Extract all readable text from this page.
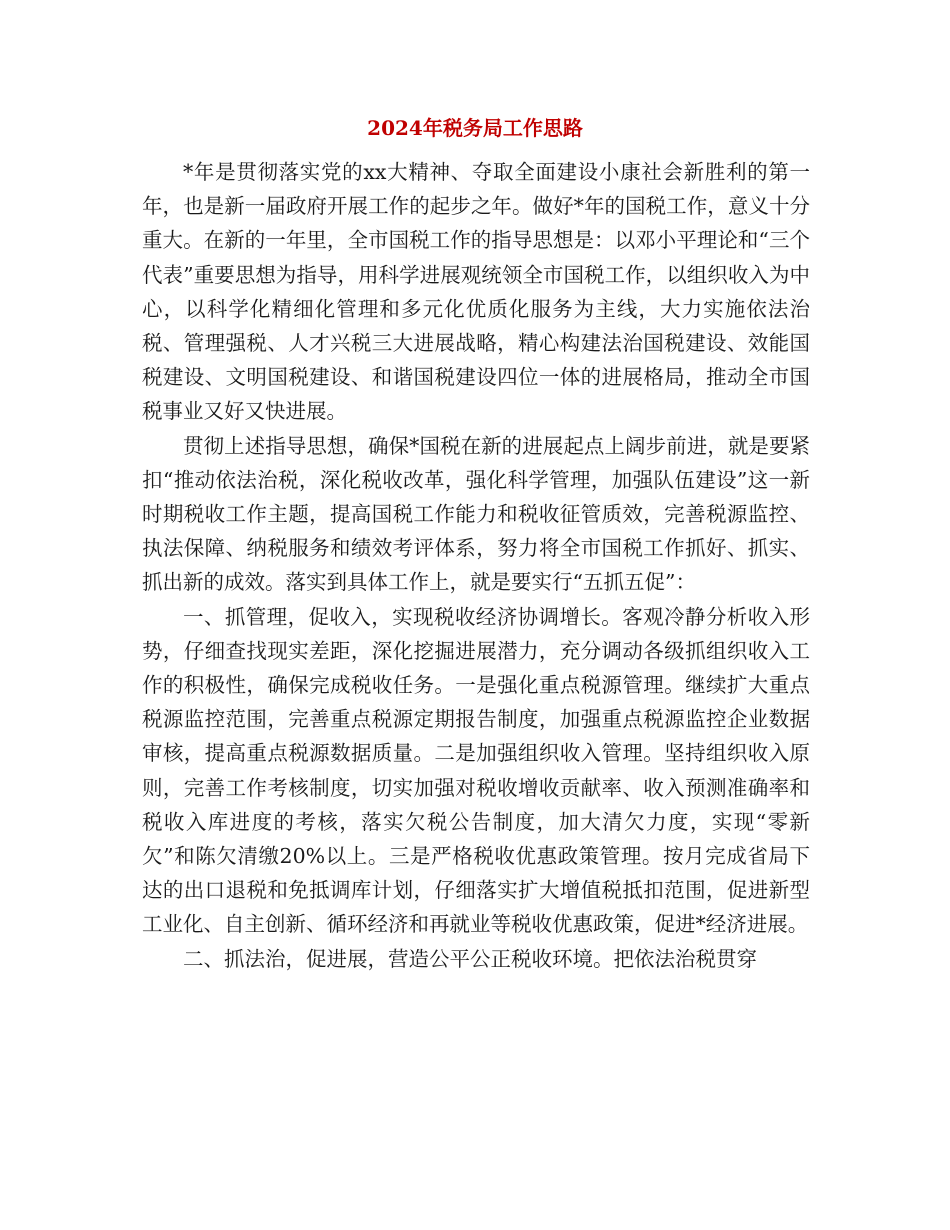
2024年税务局工作思路

*年是贯彻落实党的xx大精神、夺取全面建设小康社会新胜利的第一年，也是新一届政府开展工作的起步之年。做好*年的国税工作，意义十分重大。在新的一年里，全市国税工作的指导思想是：以邓小平理论和“三个代表”重要思想为指导，用科学进展观统领全市国税工作，以组织收入为中心，以科学化精细化管理和多元化优质化服务为主线，大力实施依法治税、管理强税、人才兴税三大进展战略，精心构建法治国税建设、效能国税建设、文明国税建设、和谐国税建设四位一体的进展格局，推动全市国税事业又好又快进展。

贯彻上述指导思想，确保*国税在新的进展起点上阔步前进，就是要紧扣“推动依法治税，深化税收改革，强化科学管理，加强队伍建设”这一新时期税收工作主题，提高国税工作能力和税收征管质效，完善税源监控、执法保障、纳税服务和绩效考评体系，努力将全市国税工作抓好、抓实、抓出新的成效。落实到具体工作上，就是要实行“五抓五促”：

一、抓管理，促收入，实现税收经济协调增长。客观冷静分析收入形势，仔细查找现实差距，深化挖掘进展潜力，充分调动各级抓组织收入工作的积极性，确保完成税收任务。一是强化重点税源管理。继续扩大重点税源监控范围，完善重点税源定期报告制度，加强重点税源监控企业数据审核，提高重点税源数据质量。二是加强组织收入管理。坚持组织收入原则，完善工作考核制度，切实加强对税收增收贡献率、收入预测准确率和税收入库进度的考核，落实欠税公告制度，加大清欠力度，实现“零新欠”和陈欠清缴20%以上。三是严格税收优惠政策管理。按月完成省局下达的出口退税和免抵调库计划，仔细落实扩大增值税抵扣范围，促进新型工业化、自主创新、循环经济和再就业等税收优惠政策，促进*经济进展。

二、抓法治，促进展，营造公平公正税收环境。把依法治税贯穿
